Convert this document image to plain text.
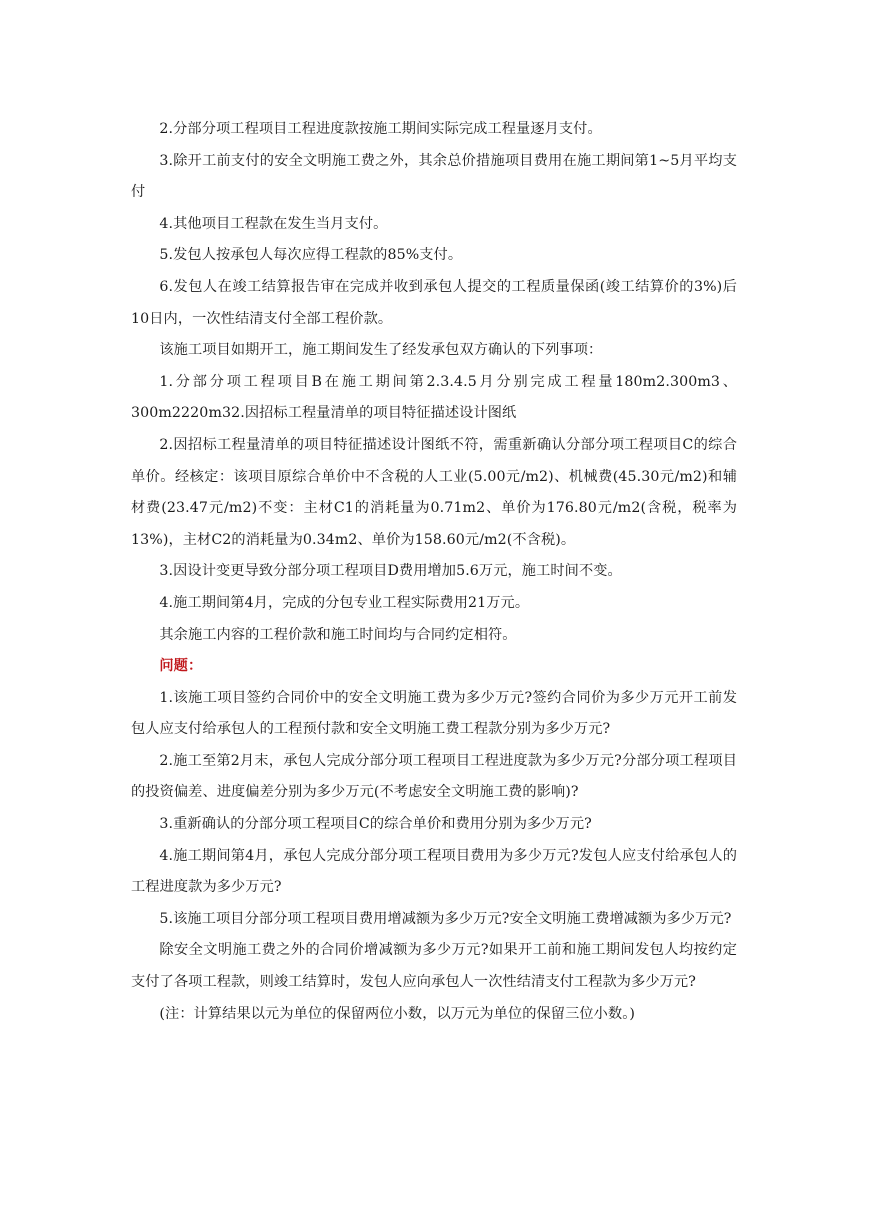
2.分部分项工程项目工程进度款按施工期间实际完成工程量逐月支付。

3.除开工前支付的安全文明施工费之外，其余总价措施项目费用在施工期间第1~5月平均支付

4.其他项目工程款在发生当月支付。

5.发包人按承包人每次应得工程款的85%支付。

6.发包人在竣工结算报告审在完成并收到承包人提交的工程质量保函(竣工结算价的3%)后10日内，一次性结清支付全部工程价款。

该施工项目如期开工，施工期间发生了经发承包双方确认的下列事项：

1.分部分项工程项目B在施工期间第2.3.4.5月分别完成工程量180m2.300m3、300m2220m32.因招标工程量清单的项目特征描述设计图纸

2.因招标工程量清单的项目特征描述设计图纸不符，需重新确认分部分项工程项目C的综合单价。经核定：该项目原综合单价中不含税的人工业(5.00元/m2)、机械费(45.30元/m2)和辅材费(23.47元/m2)不变：主材C1的消耗量为0.71m2、单价为176.80元/m2(含税，税率为13%)，主材C2的消耗量为0.34m2、单价为158.60元/m2(不含税)。

3.因设计变更导致分部分项工程项目D费用增加5.6万元，施工时间不变。

4.施工期间第4月，完成的分包专业工程实际费用21万元。

其余施工内容的工程价款和施工时间均与合同约定相符。

问题：

1.该施工项目签约合同价中的安全文明施工费为多少万元?签约合同价为多少万元开工前发包人应支付给承包人的工程预付款和安全文明施工费工程款分别为多少万元?

2.施工至第2月末，承包人完成分部分项工程项目工程进度款为多少万元?分部分项工程项目的投资偏差、进度偏差分别为多少万元(不考虑安全文明施工费的影响)?

3.重新确认的分部分项工程项目C的综合单价和费用分别为多少万元?

4.施工期间第4月，承包人完成分部分项工程项目费用为多少万元?发包人应支付给承包人的工程进度款为多少万元?

5.该施工项目分部分项工程项目费用增减额为多少万元?安全文明施工费增减额为多少万元?

除安全文明施工费之外的合同价增减额为多少万元?如果开工前和施工期间发包人均按约定支付了各项工程款，则竣工结算时，发包人应向承包人一次性结清支付工程款为多少万元?

(注：计算结果以元为单位的保留两位小数，以万元为单位的保留三位小数。)
